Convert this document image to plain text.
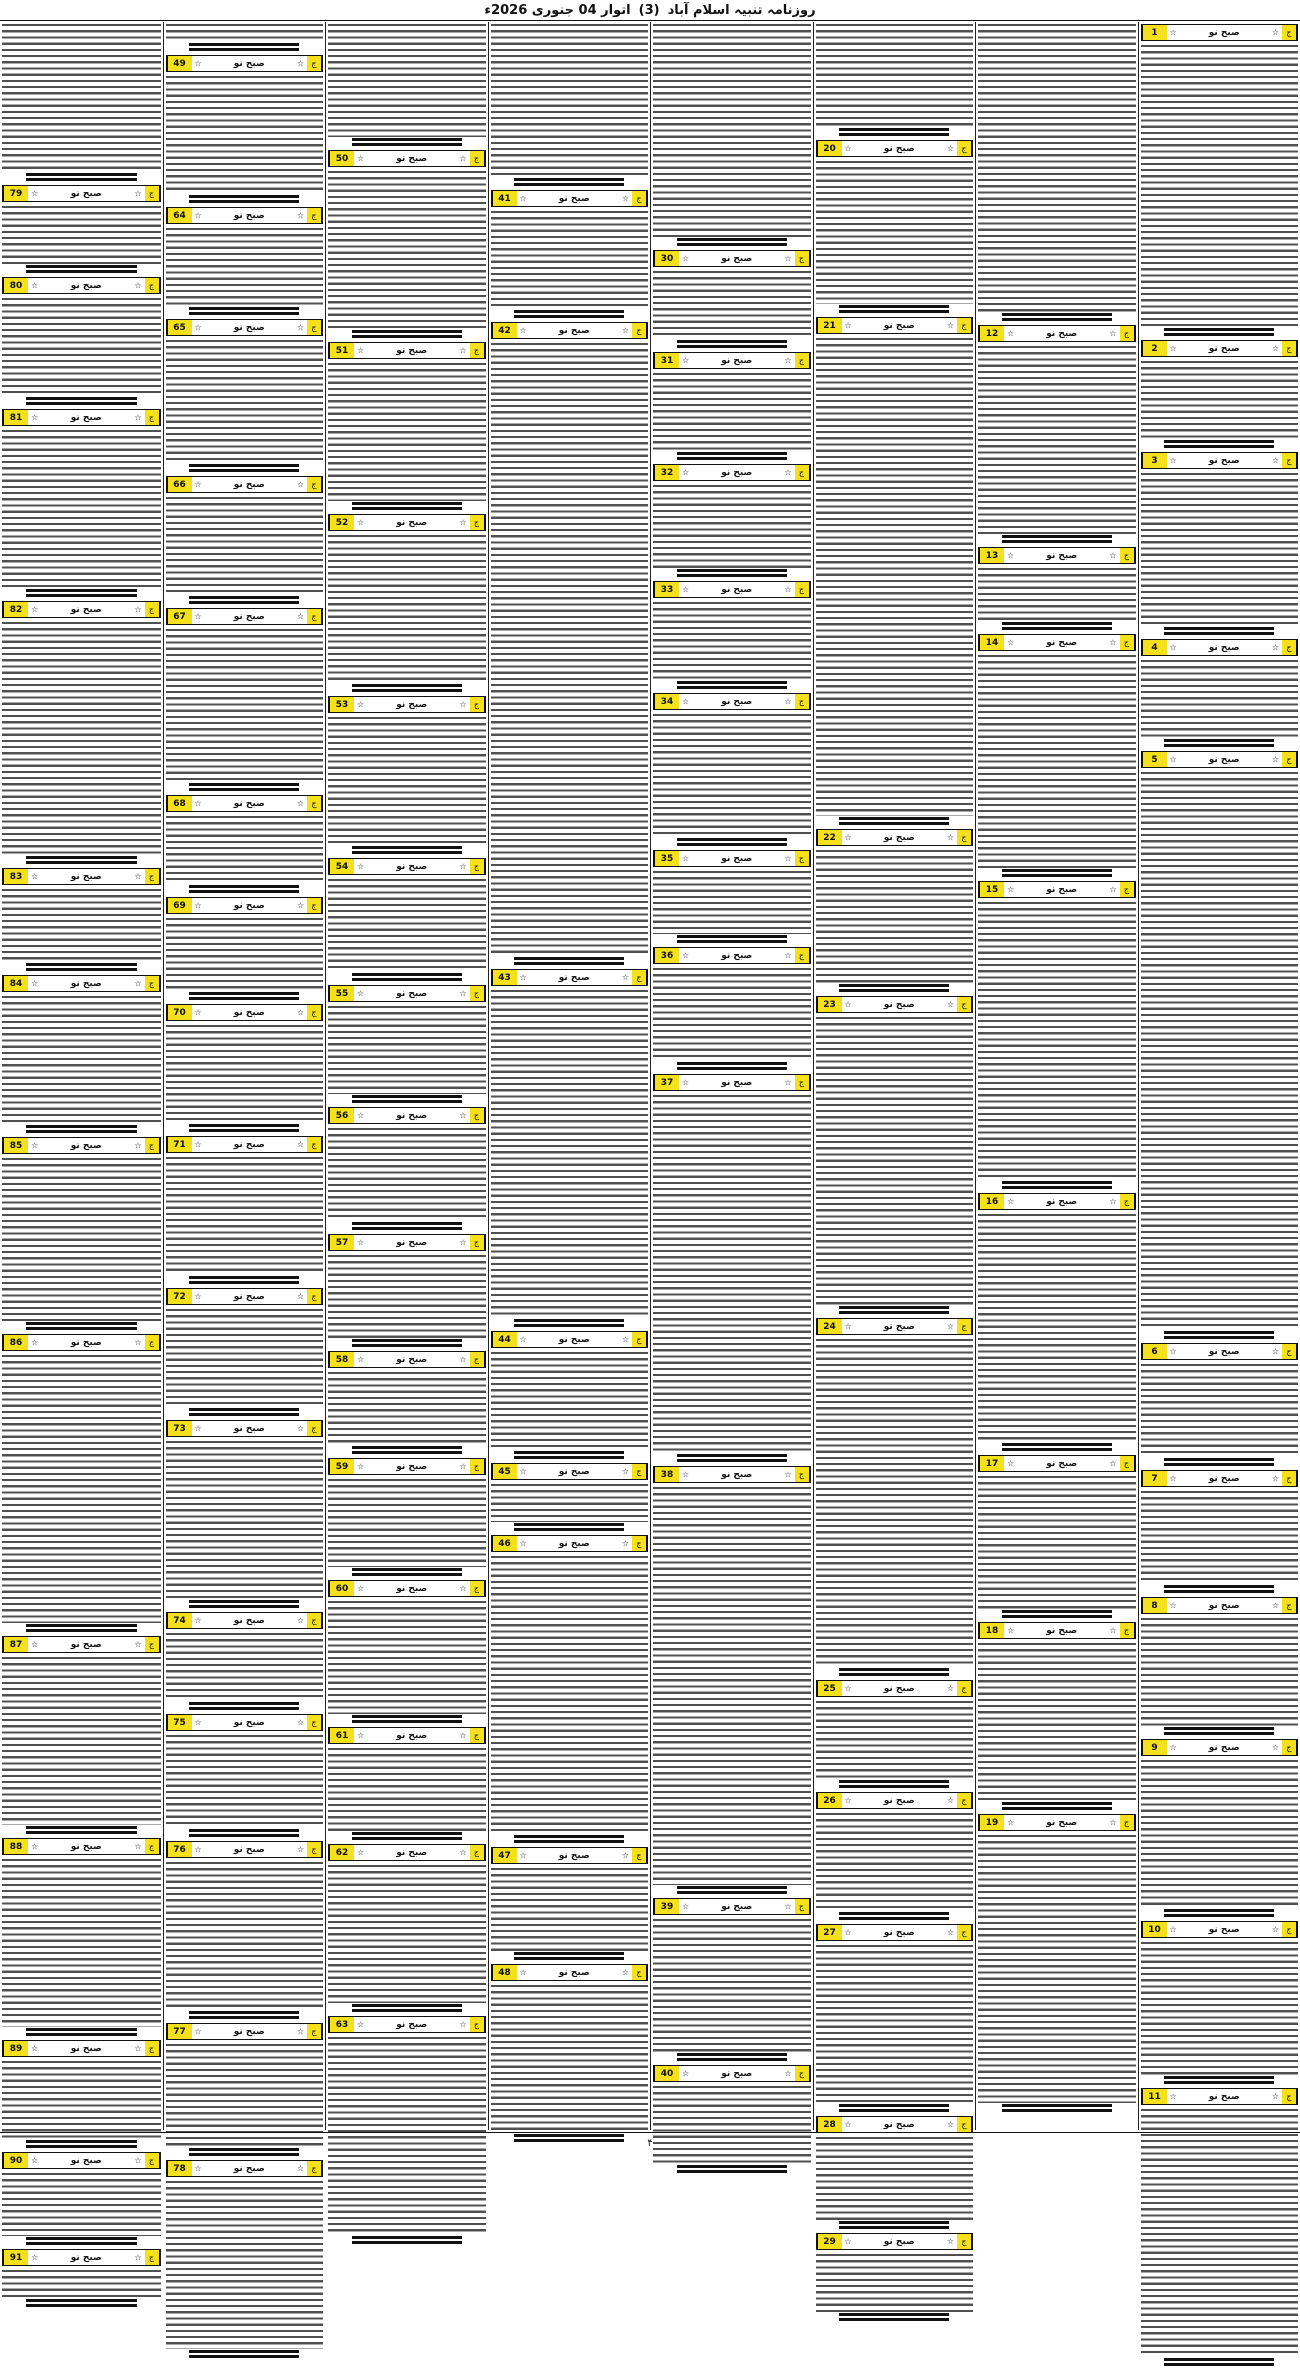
روزنامہ تنبیہ اسلام آباد
(3)
اتوار 04 جنوری 2026ء
1	☆	صبح نو	☆ ج
2	☆	صبح نو	☆ ج
3	☆	صبح نو	☆ ج
4	☆	صبح نو	☆ ج
5	☆	صبح نو	☆ ج
6	☆	صبح نو	☆ ج
7	☆	صبح نو	☆ ج
8	☆	صبح نو	☆ ج
9	☆	صبح نو	☆ ج
10	☆	صبح نو	☆ ج
11	☆	صبح نو	☆ ج
12	☆	صبح نو	☆ ج
13	☆	صبح نو	☆ ج
14	☆	صبح نو	☆ ج
15	☆	صبح نو	☆ ج
16	☆	صبح نو	☆ ج
17	☆	صبح نو	☆ ج
18	☆	صبح نو	☆ ج
19	☆	صبح نو	☆ ج
20	☆	صبح نو	☆ ج
21	☆	صبح نو	☆ ج
22	☆	صبح نو	☆ ج
23	☆	صبح نو	☆ ج
24	☆	صبح نو	☆ ج
25	☆	صبح نو	☆ ج
26	☆	صبح نو	☆ ج
27	☆	صبح نو	☆ ج
28	☆	صبح نو	☆ ج
29	☆	صبح نو	☆ ج
30	☆	صبح نو	☆ ج
31	☆	صبح نو	☆ ج
32	☆	صبح نو	☆ ج
33	☆	صبح نو	☆ ج
34	☆	صبح نو	☆ ج
35	☆	صبح نو	☆ ج
36	☆	صبح نو	☆ ج
37	☆	صبح نو	☆ ج
38	☆	صبح نو	☆ ج
39	☆	صبح نو	☆ ج
40	☆	صبح نو	☆ ج
41	☆	صبح نو	☆ ج
42	☆	صبح نو	☆ ج
43	☆	صبح نو	☆ ج
44	☆	صبح نو	☆ ج
45	☆	صبح نو	☆ ج
46	☆	صبح نو	☆ ج
47	☆	صبح نو	☆ ج
48	☆	صبح نو	☆ ج
50	☆	صبح نو	☆ ج
51	☆	صبح نو	☆ ج
52	☆	صبح نو	☆ ج
53	☆	صبح نو	☆ ج
54	☆	صبح نو	☆ ج
55	☆	صبح نو	☆ ج
56	☆	صبح نو	☆ ج
57	☆	صبح نو	☆ ج
58	☆	صبح نو	☆ ج
59	☆	صبح نو	☆ ج
60	☆	صبح نو	☆ ج
61	☆	صبح نو	☆ ج
62	☆	صبح نو	☆ ج
63	☆	صبح نو	☆ ج
49	☆	صبح نو	☆ ج
64	☆	صبح نو	☆ ج
65	☆	صبح نو	☆ ج
66	☆	صبح نو	☆ ج
67	☆	صبح نو	☆ ج
68	☆	صبح نو	☆ ج
69	☆	صبح نو	☆ ج
70	☆	صبح نو	☆ ج
71	☆	صبح نو	☆ ج
72	☆	صبح نو	☆ ج
73	☆	صبح نو	☆ ج
74	☆	صبح نو	☆ ج
75	☆	صبح نو	☆ ج
76	☆	صبح نو	☆ ج
77	☆	صبح نو	☆ ج
78	☆	صبح نو	☆ ج
79	☆	صبح نو	☆ ج
80	☆	صبح نو	☆ ج
81	☆	صبح نو	☆ ج
82	☆	صبح نو	☆ ج
83	☆	صبح نو	☆ ج
84	☆	صبح نو	☆ ج
85	☆	صبح نو	☆ ج
86	☆	صبح نو	☆ ج
87	☆	صبح نو	☆ ج
88	☆	صبح نو	☆ ج
89	☆	صبح نو	☆ ج
90	☆	صبح نو	☆ ج
91	☆	صبح نو	☆ ج
۴
